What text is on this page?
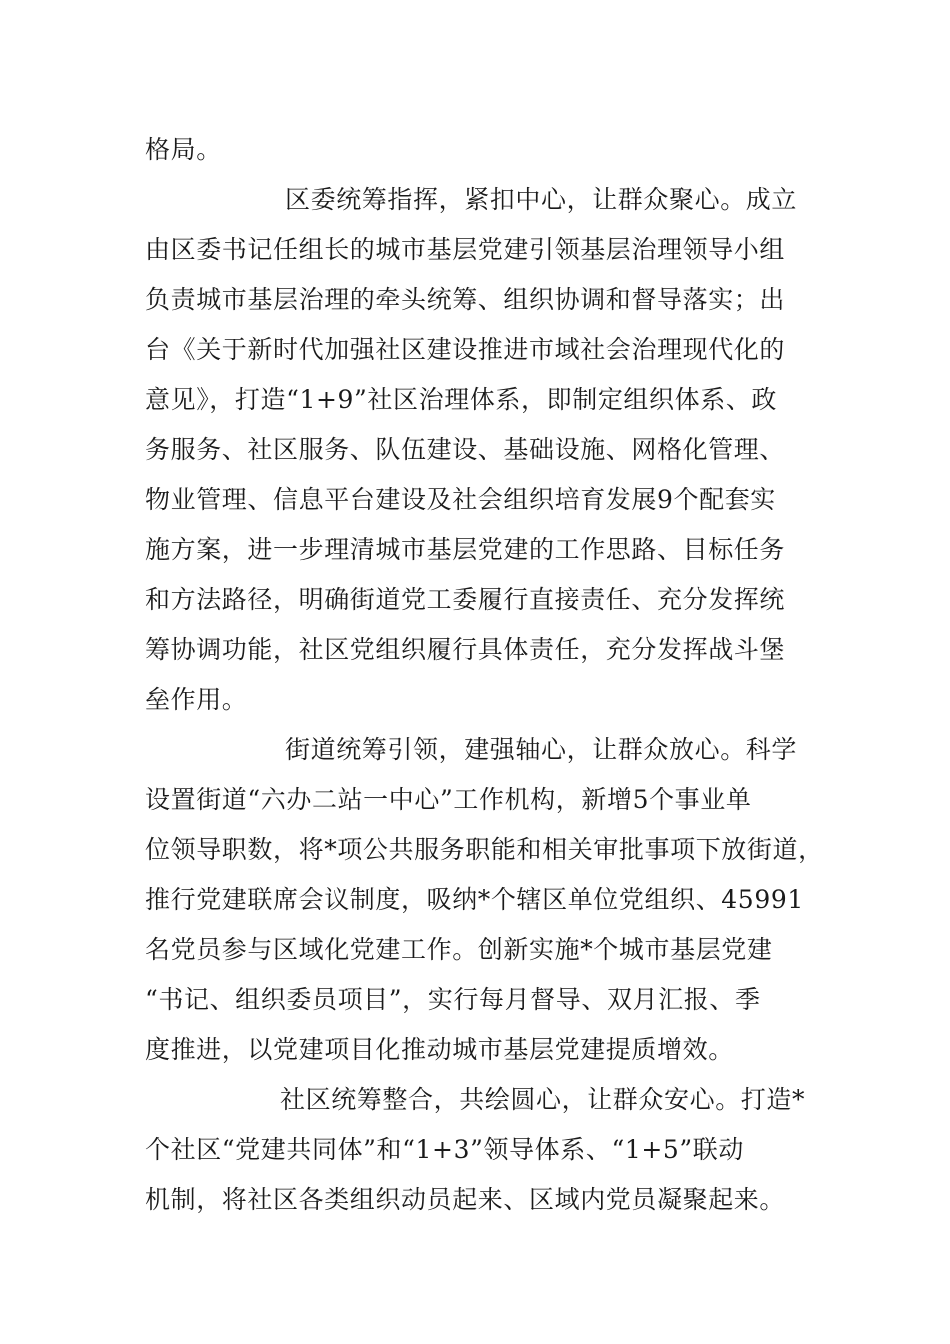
格局。
区委统筹指挥，紧扣中心，让群众聚心。成立
由区委书记任组长的城市基层党建引领基层治理领导小组
负责城市基层治理的牵头统筹、组织协调和督导落实；出
台《关于新时代加强社区建设推进市域社会治理现代化的
意见》，打造“1+9”社区治理体系，即制定组织体系、政
务服务、社区服务、队伍建设、基础设施、网格化管理、
物业管理、信息平台建设及社会组织培育发展9个配套实
施方案，进一步理清城市基层党建的工作思路、目标任务
和方法路径，明确街道党工委履行直接责任、充分发挥统
筹协调功能，社区党组织履行具体责任，充分发挥战斗堡
垒作用。
街道统筹引领，建强轴心，让群众放心。科学
设置街道“六办二站一中心”工作机构，新增5个事业单
位领导职数，将*项公共服务职能和相关审批事项下放街道，
推行党建联席会议制度，吸纳*个辖区单位党组织、45991
名党员参与区域化党建工作。创新实施*个城市基层党建
“书记、组织委员项目”，实行每月督导、双月汇报、季
度推进，以党建项目化推动城市基层党建提质增效。
社区统筹整合，共绘圆心，让群众安心。打造*
个社区“党建共同体”和“1+3”领导体系、“1+5”联动
机制，将社区各类组织动员起来、区域内党员凝聚起来。
